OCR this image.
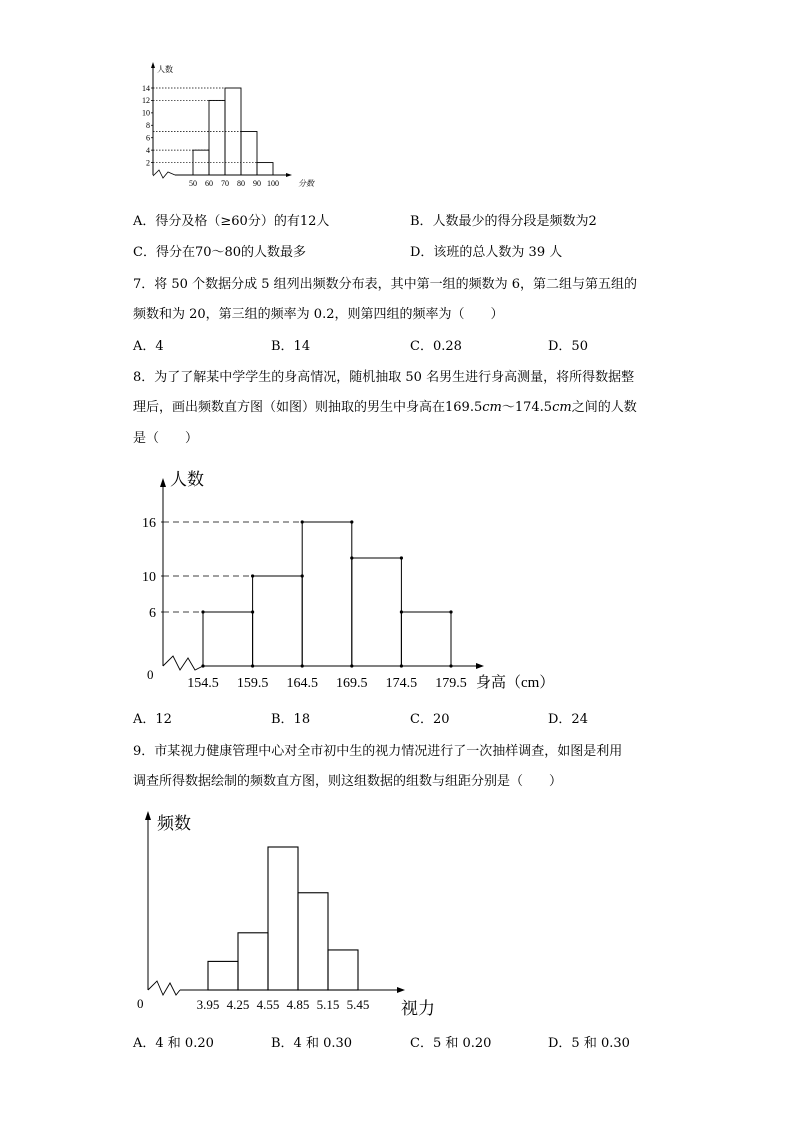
人数
分数
14
12
10
8
6
4
2
50 60 70 80 90 100
A．得分及格（≥60分）的有12人	B．人数最少的得分段是频数为2
C．得分在70～80的人数最多	D．该班的总人数为 39 人
7．将 50 个数据分成 5 组列出频数分布表，其中第一组的频数为 6，第二组与第五组的
频数和为 20，第三组的频率为 0.2，则第四组的频率为（　　）
A．4	B．14	C．0.28	D．50
8．为了了解某中学学生的身高情况，随机抽取 50 名男生进行身高测量，将所得数据整
理后，画出频数直方图（如图）则抽取的男生中身高在169.5cm～174.5cm之间的人数
是（　　）
人数
身高（cm）
0
16
10
6
154.5 159.5 164.5 169.5 174.5 179.5
A．12	B．18	C．20	D．24
9．市某视力健康管理中心对全市初中生的视力情况进行了一次抽样调查，如图是利用
调查所得数据绘制的频数直方图，则这组数据的组数与组距分别是（　　）
频数
视力
0	3.95 4.25 4.55 4.85 5.15 5.45
A．4 和 0.20	B．4 和 0.30	C．5 和 0.20	D．5 和 0.30
